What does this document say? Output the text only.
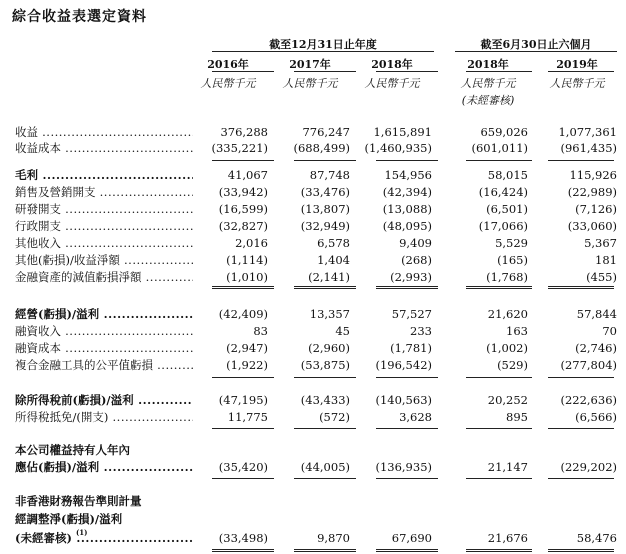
綜合收益表選定資料
截至12月31日止年度	截至6月30日止六個月
2016年	2017年	2018年	2018年	2019年
人民幣千元	人民幣千元	人民幣千元	人民幣千元	人民幣千元
(未經審核)
收益 .....	376,288	776,247	1,615,891	659,026	1,077,361
收益成本 .....	(335,221)	(688,499)	(1,460,935)	(601,011)	(961,435)
毛利 .....	41,067	87,748	154,956	58,015	115,926
銷售及營銷開支 .....	(33,942)	(33,476)	(42,394)	(16,424)	(22,989)
研發開支 .....	(16,599)	(13,807)	(13,088)	(6,501)	(7,126)
行政開支 .....	(32,827)	(32,949)	(48,095)	(17,066)	(33,060)
其他收入 .....	2,016	6,578	9,409	5,529	5,367
其他(虧損)/收益淨額 .....	(1,114)	1,404	(268)	(165)	181
金融資產的減值虧損淨額 .....	(1,010)	(2,141)	(2,993)	(1,768)	(455)
經營(虧損)/溢利 .....	(42,409)	13,357	57,527	21,620	57,844
融資收入 .....	83	45	233	163	70
融資成本 .....	(2,947)	(2,960)	(1,781)	(1,002)	(2,746)
複合金融工具的公平值虧損 .....	(1,922)	(53,875)	(196,542)	(529)	(277,804)
除所得稅前(虧損)/溢利 .....	(47,195)	(43,433)	(140,563)	20,252	(222,636)
所得稅抵免/(開支) .....	11,775	(572)	3,628	895	(6,566)
本公司權益持有人年內
應佔(虧損)/溢利 .....	(35,420)	(44,005)	(136,935)	21,147	(229,202)
非香港財務報告準則計量
經調整淨(虧損)/溢利
(未經審核) ..... (1)	(33,498)	9,870	67,690	21,676	58,476
